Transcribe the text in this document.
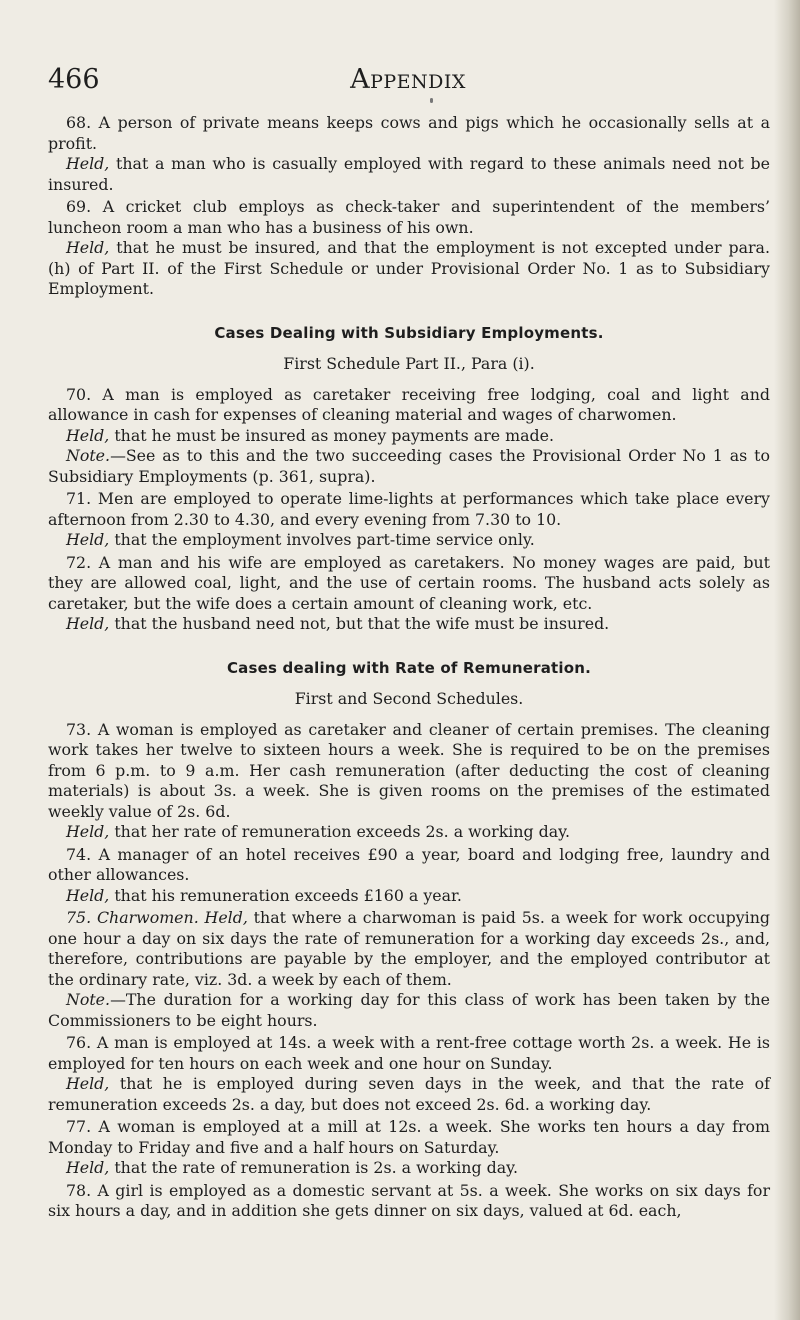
466	Appendix

68. A person of private means keeps cows and pigs which he occasionally sells at a profit.

Held, that a man who is casually employed with regard to these animals need not be insured.

69. A cricket club employs as check-taker and superintendent of the members’ luncheon room a man who has a business of his own.

Held, that he must be insured, and that the employment is not excepted under para. (h) of Part II. of the First Schedule or under Provisional Order No. 1 as to Subsidiary Employment.

Cases Dealing with Subsidiary Employments.
First Schedule Part II., Para (i).

70. A man is employed as caretaker receiving free lodging, coal and light and allowance in cash for expenses of cleaning material and wages of charwomen.

Held, that he must be insured as money payments are made.

Note.—See as to this and the two succeeding cases the Provisional Order No 1 as to Subsidiary Employments (p. 361, supra).

71. Men are employed to operate lime-lights at performances which take place every afternoon from 2.30 to 4.30, and every evening from 7.30 to 10.

Held, that the employment involves part-time service only.

72. A man and his wife are employed as caretakers. No money wages are paid, but they are allowed coal, light, and the use of certain rooms. The husband acts solely as caretaker, but the wife does a certain amount of cleaning work, etc.

Held, that the husband need not, but that the wife must be insured.

Cases dealing with Rate of Remuneration.
First and Second Schedules.

73. A woman is employed as caretaker and cleaner of certain premises. The cleaning work takes her twelve to sixteen hours a week. She is required to be on the premises from 6 p.m. to 9 a.m. Her cash remuneration (after deducting the cost of cleaning materials) is about 3s. a week. She is given rooms on the premises of the estimated weekly value of 2s. 6d.

Held, that her rate of remuneration exceeds 2s. a working day.

74. A manager of an hotel receives £90 a year, board and lodging free, laundry and other allowances.

Held, that his remuneration exceeds £160 a year.

75. Charwomen. Held, that where a charwoman is paid 5s. a week for work occupying one hour a day on six days the rate of remuneration for a working day exceeds 2s., and, therefore, contributions are payable by the employer, and the employed contributor at the ordinary rate, viz. 3d. a week by each of them.

Note.—The duration for a working day for this class of work has been taken by the Commissioners to be eight hours.

76. A man is employed at 14s. a week with a rent-free cottage worth 2s. a week. He is employed for ten hours on each week and one hour on Sunday.

Held, that he is employed during seven days in the week, and that the rate of remuneration exceeds 2s. a day, but does not exceed 2s. 6d. a working day.

77. A woman is employed at a mill at 12s. a week. She works ten hours a day from Monday to Friday and five and a half hours on Saturday.

Held, that the rate of remuneration is 2s. a working day.

78. A girl is employed as a domestic servant at 5s. a week. She works on six days for six hours a day, and in addition she gets dinner on six days, valued at 6d. each,
